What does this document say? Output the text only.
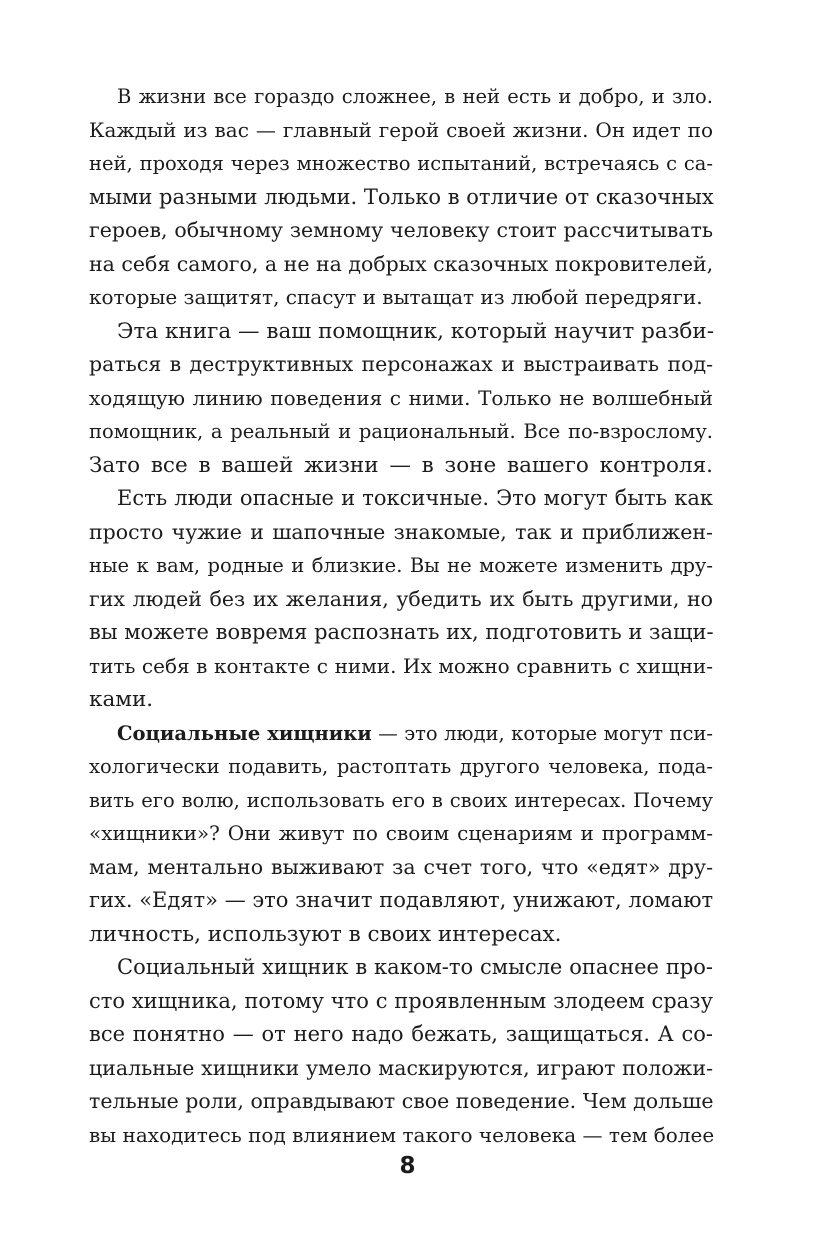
В жизни все гораздо сложнее, в ней есть и добро, и зло.
Каждый из вас — главный герой своей жизни. Он идет по
ней, проходя через множество испытаний, встречаясь с са-
мыми разными людьми. Только в отличие от сказочных
героев, обычному земному человеку стоит рассчитывать
на себя самого, а не на добрых сказочных покровителей,
которые защитят, спасут и вытащат из любой передряги.
Эта книга — ваш помощник, который научит разби-
раться в деструктивных персонажах и выстраивать под-
ходящую линию поведения с ними. Только не волшебный
помощник, а реальный и рациональный. Все по-взрослому.
Зато все в вашей жизни — в зоне вашего контроля.
Есть люди опасные и токсичные. Это могут быть как
просто чужие и шапочные знакомые, так и приближен-
ные к вам, родные и близкие. Вы не можете изменить дру-
гих людей без их желания, убедить их быть другими, но
вы можете вовремя распознать их, подготовить и защи-
тить себя в контакте с ними. Их можно сравнить с хищни-
ками.
Социальные хищники — это люди, которые могут пси-
хологически подавить, растоптать другого человека, пода-
вить его волю, использовать его в своих интересах. Почему
«хищники»? Они живут по своим сценариям и программ-
мам, ментально выживают за счет того, что «едят» дру-
гих. «Едят» — это значит подавляют, унижают, ломают
личность, используют в своих интересах.
Социальный хищник в каком-то смысле опаснее про-
сто хищника, потому что с проявленным злодеем сразу
все понятно — от него надо бежать, защищаться. А со-
циальные хищники умело маскируются, играют положи-
тельные роли, оправдывают свое поведение. Чем дольше
вы находитесь под влиянием такого человека — тем более
8
